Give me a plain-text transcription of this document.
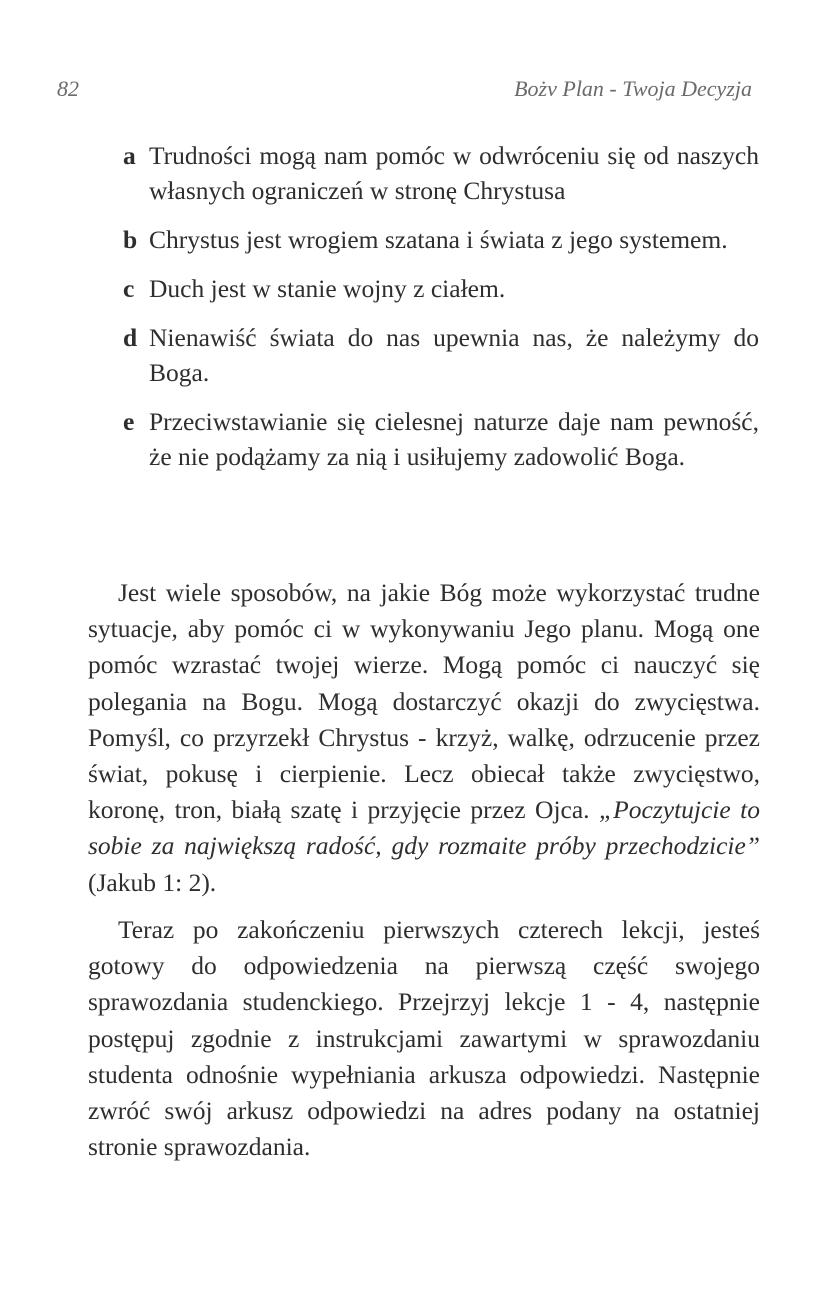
82	Bożv Plan - Twoja Decyzja
a Trudności mogą nam pomóc w odwróceniu się od naszych własnych ograniczeń w stronę Chrystusa
b Chrystus jest wrogiem szatana i świata z jego systemem.
c Duch jest w stanie wojny z ciałem.
d Nienawiść świata do nas upewnia nas, że należymy do Boga.
e Przeciwstawianie się cielesnej naturze daje nam pewność, że nie podążamy za nią i usiłujemy zadowolić Boga.

Jest wiele sposobów, na jakie Bóg może wykorzystać trudne sytuacje, aby pomóc ci w wykonywaniu Jego planu. Mogą one pomóc wzrastać twojej wierze. Mogą pomóc ci nauczyć się polegania na Bogu. Mogą dostarczyć okazji do zwycięstwa. Pomyśl, co przyrzekł Chrystus - krzyż, walkę, odrzucenie przez świat, pokusę i cierpienie. Lecz obiecał także zwycięstwo, koronę, tron, białą szatę i przyjęcie przez Ojca. „Poczytujcie to sobie za największą radość, gdy rozmaite próby przechodzicie” (Jakub 1: 2).

Teraz po zakończeniu pierwszych czterech lekcji, jesteś gotowy do odpowiedzenia na pierwszą część swojego sprawozdania studenckiego. Przejrzyj lekcje 1 - 4, następnie postępuj zgodnie z instrukcjami zawartymi w sprawozdaniu studenta odnośnie wypełniania arkusza odpowiedzi. Następnie zwróć swój arkusz odpowiedzi na adres podany na ostatniej stronie sprawozdania.
